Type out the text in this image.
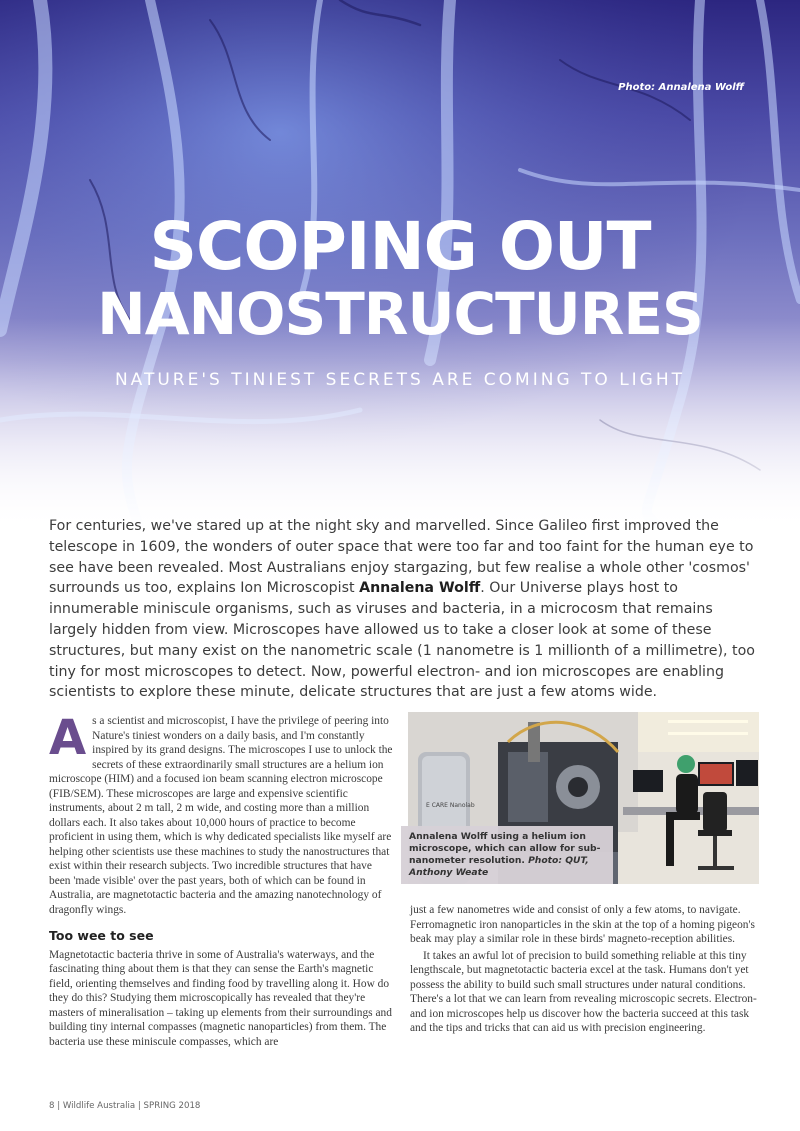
Photo: Annalena Wolff
SCOPING OUT
NANOSTRUCTURES
NATURE'S TINIEST SECRETS ARE COMING TO LIGHT

For centuries, we've stared up at the night sky and marvelled. Since Galileo first improved the telescope in 1609, the wonders of outer space that were too far and too faint for the human eye to see have been revealed. Most Australians enjoy stargazing, but few realise a whole other 'cosmos' surrounds us too, explains Ion Microscopist Annalena Wolff. Our Universe plays host to innumerable miniscule organisms, such as viruses and bacteria, in a microcosm that remains largely hidden from view. Microscopes have allowed us to take a closer look at some of these structures, but many exist on the nanometric scale (1 nanometre is 1 millionth of a millimetre), too tiny for most microscopes to detect. Now, powerful electron- and ion microscopes are enabling scientists to explore these minute, delicate structures that are just a few atoms wide.

As a scientist and microscopist, I have the privilege of peering into Nature's tiniest wonders on a daily basis, and I'm constantly inspired by its grand designs. The microscopes I use to unlock the secrets of these extraordinarily small structures are a helium ion microscope (HIM) and a focused ion beam scanning electron microscope (FIB/SEM). These microscopes are large and expensive scientific instruments, about 2 m tall, 2 m wide, and costing more than a million dollars each. It also takes about 10,000 hours of practice to become proficient in using them, which is why dedicated specialists like myself are helping other scientists use these machines to study the nanostructures that exist within their research subjects. Two incredible structures that have been 'made visible' over the past years, both of which can be found in Australia, are magnetotactic bacteria and the amazing nanotechnology of dragonfly wings.

Too wee to see

Magnetotactic bacteria thrive in some of Australia's waterways, and the fascinating thing about them is that they can sense the Earth's magnetic field, orienting themselves and finding food by travelling along it. How do they do this? Studying them microscopically has revealed that they're masters of mineralisation – taking up elements from their surroundings and building tiny internal compasses (magnetic nanoparticles) from them. The bacteria use these miniscule compasses, which are

E CARE Nanolab
Annalena Wolff using a helium ion microscope, which can allow for sub-nanometer resolution. Photo: QUT, Anthony Weate

just a few nanometres wide and consist of only a few atoms, to navigate. Ferromagnetic iron nanoparticles in the skin at the top of a homing pigeon's beak may play a similar role in these birds' magneto-reception abilities.

It takes an awful lot of precision to build something reliable at this tiny lengthscale, but magnetotactic bacteria excel at the task. Humans don't yet possess the ability to build such small structures under natural conditions. There's a lot that we can learn from revealing microscopic secrets. Electron- and ion microscopes help us discover how the bacteria succeed at this task and the tips and tricks that can aid us with precision engineering.

8 | Wildlife Australia | SPRING 2018
